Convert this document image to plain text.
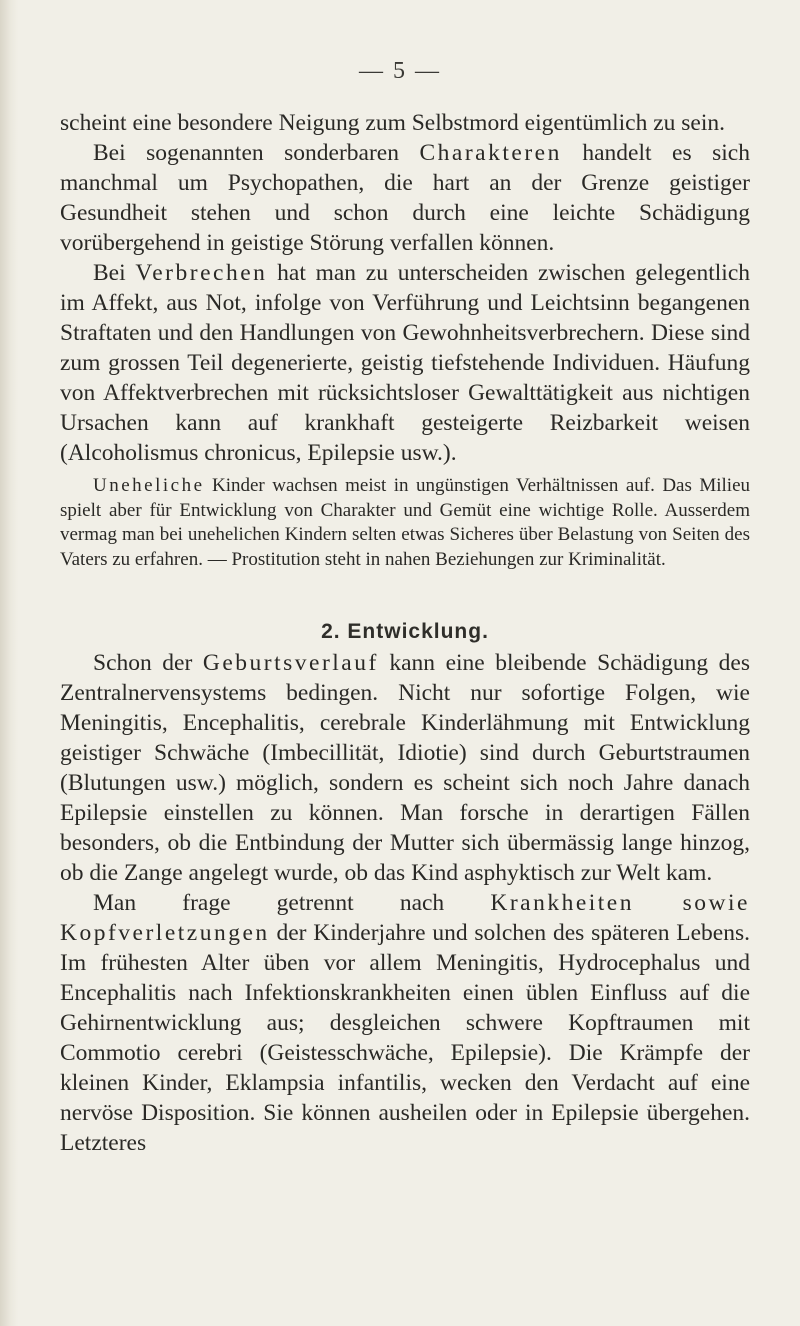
— 5 —

scheint eine besondere Neigung zum Selbstmord eigentümlich zu sein.

Bei sogenannten sonderbaren Charakteren handelt es sich manchmal um Psychopathen, die hart an der Grenze geistiger Gesundheit stehen und schon durch eine leichte Schädigung vorübergehend in geistige Störung verfallen können.

Bei Verbrechen hat man zu unterscheiden zwischen gelegentlich im Affekt, aus Not, infolge von Verführung und Leichtsinn begangenen Straftaten und den Handlungen von Gewohnheitsverbrechern. Diese sind zum grossen Teil degenerierte, geistig tiefstehende Individuen. Häufung von Affektverbrechen mit rücksichtsloser Gewalttätigkeit aus nichtigen Ursachen kann auf krankhaft gesteigerte Reizbarkeit weisen (Alcoholismus chronicus, Epilepsie usw.).

Uneheliche Kinder wachsen meist in ungünstigen Verhältnissen auf. Das Milieu spielt aber für Entwicklung von Charakter und Gemüt eine wichtige Rolle. Ausserdem vermag man bei unehelichen Kindern selten etwas Sicheres über Belastung von Seiten des Vaters zu erfahren. — Prostitution steht in nahen Beziehungen zur Kriminalität.

2. Entwicklung.

Schon der Geburtsverlauf kann eine bleibende Schädigung des Zentralnervensystems bedingen. Nicht nur sofortige Folgen, wie Meningitis, Encephalitis, cerebrale Kinderlähmung mit Entwicklung geistiger Schwäche (Imbecillität, Idiotie) sind durch Geburtstraumen (Blutungen usw.) möglich, sondern es scheint sich noch Jahre danach Epilepsie einstellen zu können. Man forsche in derartigen Fällen besonders, ob die Entbindung der Mutter sich übermässig lange hinzog, ob die Zange angelegt wurde, ob das Kind asphyktisch zur Welt kam.

Man frage getrennt nach Krankheiten sowie Kopfverletzungen der Kinderjahre und solchen des späteren Lebens. Im frühesten Alter üben vor allem Meningitis, Hydrocephalus und Encephalitis nach Infektionskrankheiten einen üblen Einfluss auf die Gehirnentwicklung aus; desgleichen schwere Kopftraumen mit Commotio cerebri (Geistesschwäche, Epilepsie). Die Krämpfe der kleinen Kinder, Eklampsia infantilis, wecken den Verdacht auf eine nervöse Disposition. Sie können ausheilen oder in Epilepsie übergehen. Letzteres
